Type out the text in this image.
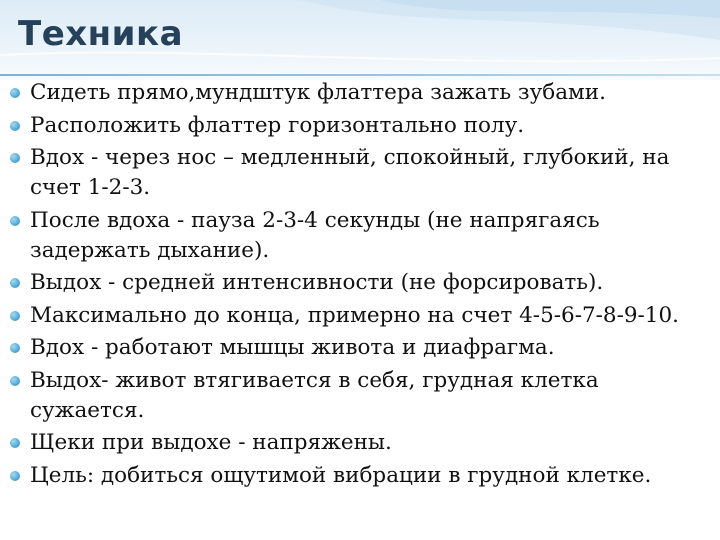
Техника
Сидеть прямо,мундштук флаттера зажать зубами.
Расположить флаттер горизонтально полу.
Вдох - через нос – медленный, спокойный, глубокий, на счет 1-2-3.
После вдоха - пауза 2-3-4 секунды (не напрягаясь задержать дыхание).
Выдох - средней интенсивности (не форсировать).
Максимально до конца, примерно на счет 4-5-6-7-8-9-10.
Вдох - работают мышцы живота и диафрагма.
Выдох- живот втягивается в себя, грудная клетка сужается.
Щеки при выдохе - напряжены.
Цель: добиться ощутимой вибрации в грудной клетке.
